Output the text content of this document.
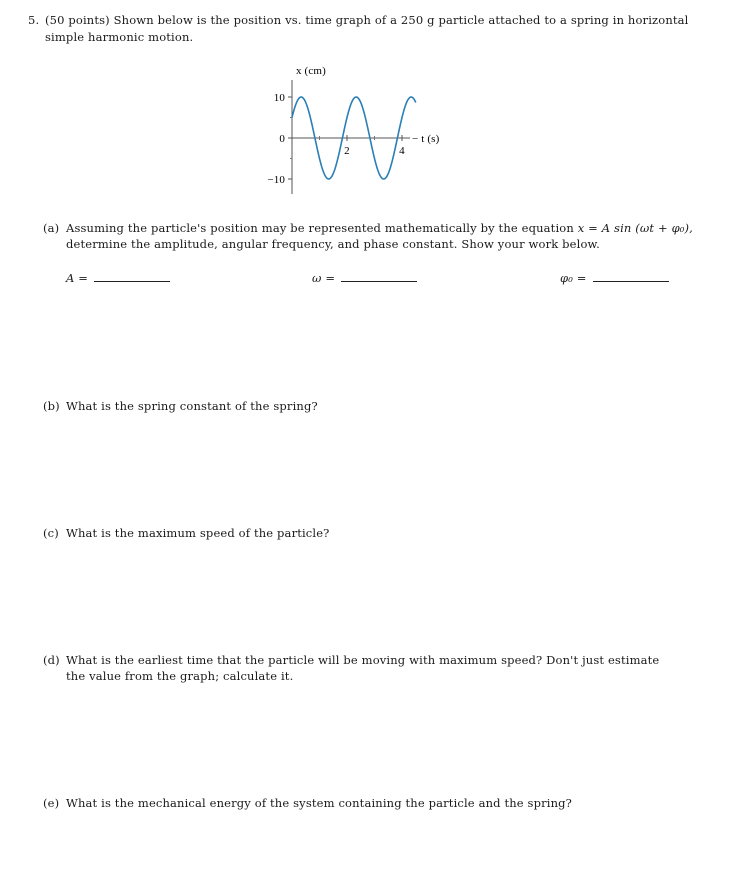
5. (50 points) Shown below is the position vs. time graph of a 250 g particle attached to a spring in horizontal
simple harmonic motion.
x (cm)
10
0
−10
2	4
− t (s)
(a) Assuming the particle's position may be represented mathematically by the equation x = A sin (ωt + φ₀),
determine the amplitude, angular frequency, and phase constant. Show your work below.
A =	ω =	φ₀ =
(b) What is the spring constant of the spring?
(c) What is the maximum speed of the particle?
(d) What is the earliest time that the particle will be moving with maximum speed? Don't just estimate
the value from the graph; calculate it.
(e) What is the mechanical energy of the system containing the particle and the spring?
